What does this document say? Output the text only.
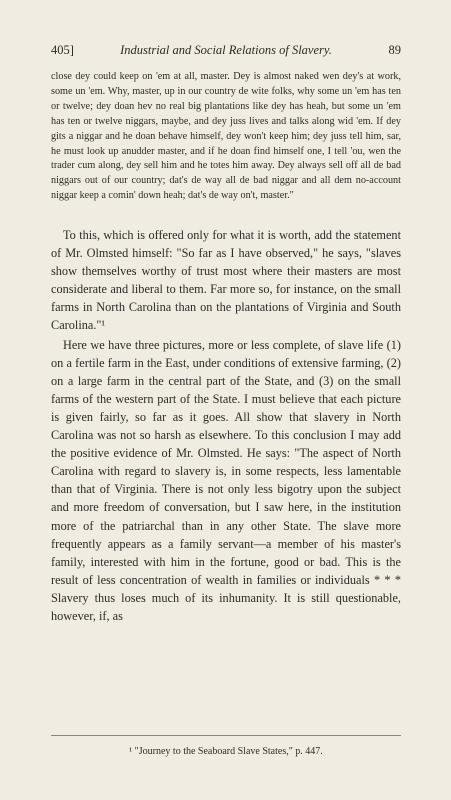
405]	Industrial and Social Relations of Slavery.	89

close dey could keep on 'em at all, master. Dey is almost naked wen dey's at work, some un 'em. Why, master, up in our country de wite folks, why some un 'em has ten or twelve; dey doan hev no real big plantations like dey has heah, but some un 'em has ten or twelve niggars, maybe, and dey juss lives and talks along wid 'em. If dey gits a niggar and he doan behave himself, dey won't keep him; dey juss tell him, sar, he must look up anudder master, and if he doan find himself one, I tell 'ou, wen the trader cum along, dey sell him and he totes him away. Dey always sell off all de bad niggars out of our country; dat's de way all de bad niggar and all dem no-account niggar keep a comin' down heah; dat's de way on't, master."

To this, which is offered only for what it is worth, add the statement of Mr. Olmsted himself: "So far as I have observed," he says, "slaves show themselves worthy of trust most where their masters are most considerate and liberal to them. Far more so, for instance, on the small farms in North Carolina than on the plantations of Virginia and South Carolina."¹

Here we have three pictures, more or less complete, of slave life (1) on a fertile farm in the East, under conditions of extensive farming, (2) on a large farm in the central part of the State, and (3) on the small farms of the western part of the State. I must believe that each picture is given fairly, so far as it goes. All show that slavery in North Carolina was not so harsh as elsewhere. To this conclusion I may add the positive evidence of Mr. Olmsted. He says: "The aspect of North Carolina with regard to slavery is, in some respects, less lamentable than that of Virginia. There is not only less bigotry upon the subject and more freedom of conversation, but I saw here, in the institution more of the patriarchal than in any other State. The slave more frequently appears as a family servant—a member of his master's family, interested with him in the fortune, good or bad. This is the result of less concentration of wealth in families or individuals * * * Slavery thus loses much of its inhumanity. It is still questionable, however, if, as

¹ "Journey to the Seaboard Slave States," p. 447.
